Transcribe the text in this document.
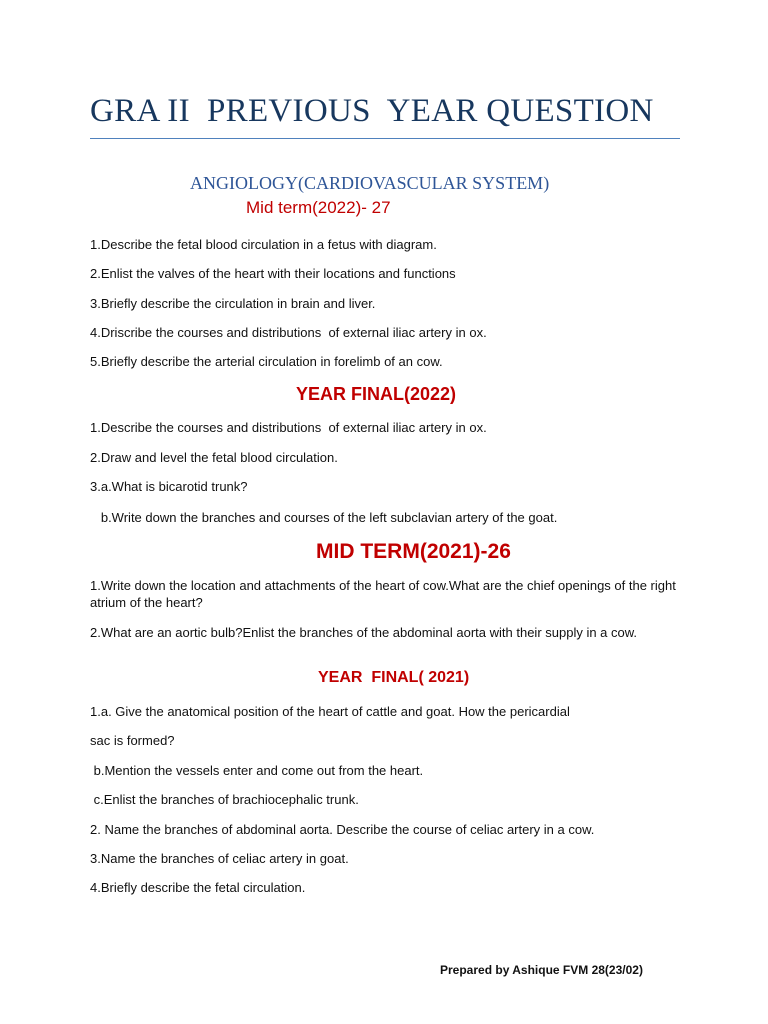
GRA II  PREVIOUS  YEAR QUESTION
ANGIOLOGY(CARDIOVASCULAR SYSTEM)
Mid term(2022)- 27
1.Describe the fetal blood circulation in a fetus with diagram.
2.Enlist the valves of the heart with their locations and functions
3.Briefly describe the circulation in brain and liver.
4.Driscribe the courses and distributions  of external iliac artery in ox.
5.Briefly describe the arterial circulation in forelimb of an cow.
YEAR FINAL(2022)
1.Describe the courses and distributions  of external iliac artery in ox.
2.Draw and level the fetal blood circulation.
3.a.What is bicarotid trunk?
b.Write down the branches and courses of the left subclavian artery of the goat.
MID TERM(2021)-26
1.Write down the location and attachments of the heart of cow.What are the chief openings of the right atrium of the heart?
2.What are an aortic bulb?Enlist the branches of the abdominal aorta with their supply in a cow.
YEAR  FINAL( 2021)
1.a. Give the anatomical position of the heart of cattle and goat. How the pericardial
sac is formed?
b.Mention the vessels enter and come out from the heart.
c.Enlist the branches of brachiocephalic trunk.
2. Name the branches of abdominal aorta. Describe the course of celiac artery in a cow.
3.Name the branches of celiac artery in goat.
4.Briefly describe the fetal circulation.
Prepared by Ashique FVM 28(23/02)
